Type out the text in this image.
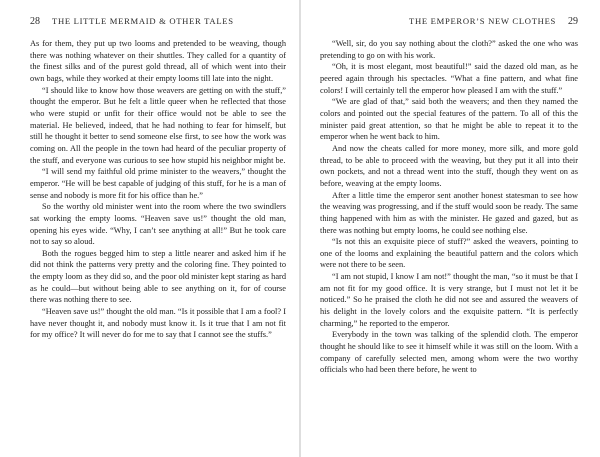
28 THE LITTLE MERMAID & OTHER TALES

As for them, they put up two looms and pretended to be weaving, though there was nothing whatever on their shuttles. They called for a quantity of the finest silks and of the purest gold thread, all of which went into their own bags, while they worked at their empty looms till late into the night.

“I should like to know how those weavers are getting on with the stuff,” thought the emperor. But he felt a little queer when he reflected that those who were stupid or unfit for their office would not be able to see the material. He believed, indeed, that he had nothing to fear for himself, but still he thought it better to send someone else first, to see how the work was coming on. All the people in the town had heard of the peculiar property of the stuff, and everyone was curious to see how stupid his neighbor might be.

“I will send my faithful old prime minister to the weavers,” thought the emperor. “He will be best capable of judging of this stuff, for he is a man of sense and nobody is more fit for his office than he.”

So the worthy old minister went into the room where the two swindlers sat working the empty looms. “Heaven save us!” thought the old man, opening his eyes wide. “Why, I can’t see anything at all!” But he took care not to say so aloud.

Both the rogues begged him to step a little nearer and asked him if he did not think the patterns very pretty and the coloring fine. They pointed to the empty loom as they did so, and the poor old minister kept staring as hard as he could—but without being able to see anything on it, for of course there was nothing there to see.

“Heaven save us!” thought the old man. “Is it possible that I am a fool? I have never thought it, and nobody must know it. Is it true that I am not fit for my office? It will never do for me to say that I cannot see the stuffs.”

THE EMPEROR’S NEW CLOTHES 29

“Well, sir, do you say nothing about the cloth?” asked the one who was pretending to go on with his work.

“Oh, it is most elegant, most beautiful!” said the dazed old man, as he peered again through his spectacles. “What a fine pattern, and what fine colors! I will certainly tell the emperor how pleased I am with the stuff.”

“We are glad of that,” said both the weavers; and then they named the colors and pointed out the special features of the pattern. To all of this the minister paid great attention, so that he might be able to repeat it to the emperor when he went back to him.

And now the cheats called for more money, more silk, and more gold thread, to be able to proceed with the weaving, but they put it all into their own pockets, and not a thread went into the stuff, though they went on as before, weaving at the empty looms.

After a little time the emperor sent another honest statesman to see how the weaving was progressing, and if the stuff would soon be ready. The same thing happened with him as with the minister. He gazed and gazed, but as there was nothing but empty looms, he could see nothing else.

“Is not this an exquisite piece of stuff?” asked the weavers, pointing to one of the looms and explaining the beautiful pattern and the colors which were not there to be seen.

“I am not stupid, I know I am not!” thought the man, “so it must be that I am not fit for my good office. It is very strange, but I must not let it be noticed.” So he praised the cloth he did not see and assured the weavers of his delight in the lovely colors and the exquisite pattern. “It is perfectly charming,” he reported to the emperor.

Everybody in the town was talking of the splendid cloth. The emperor thought he should like to see it himself while it was still on the loom. With a company of carefully selected men, among whom were the two worthy officials who had been there before, he went to
